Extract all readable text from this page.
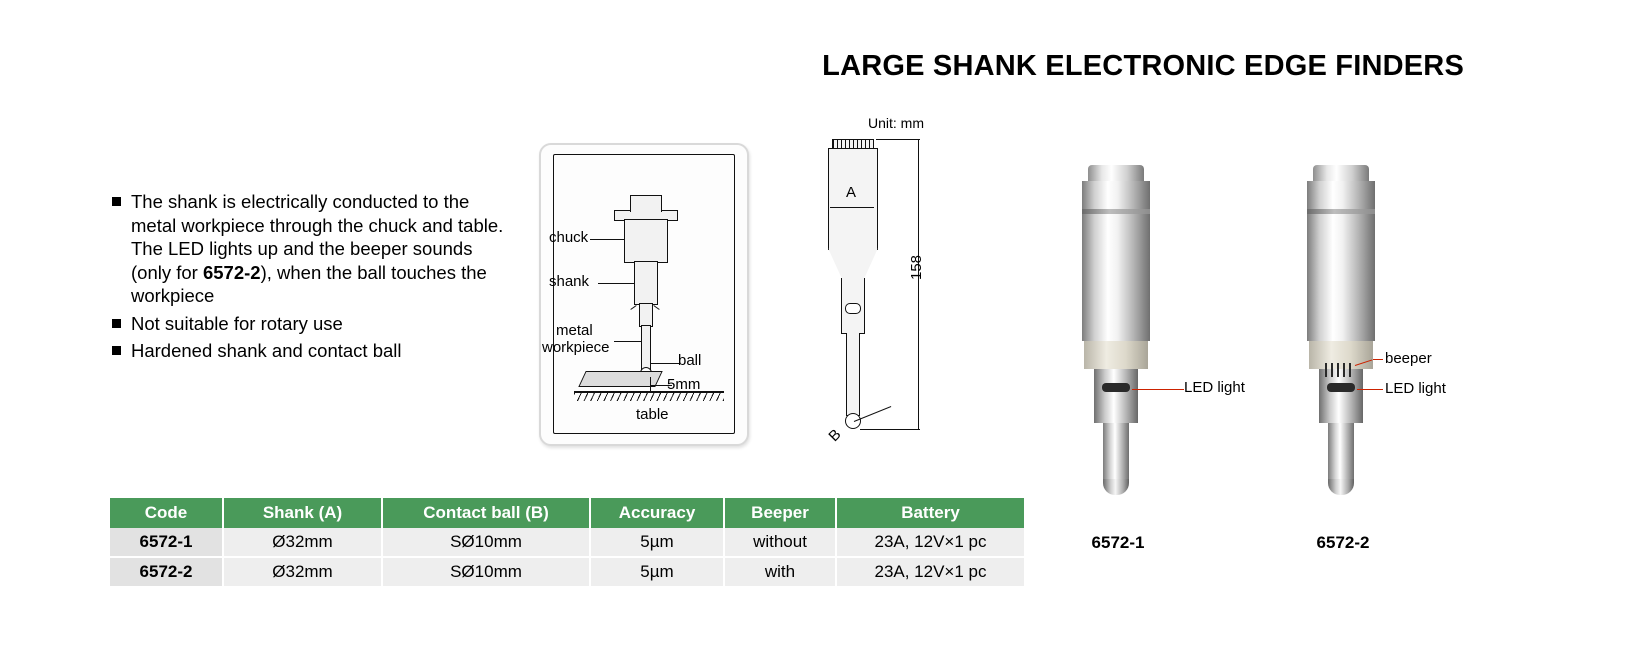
LARGE SHANK ELECTRONIC EDGE FINDERS
The shank is electrically conducted to the metal workpiece through the chuck and table. The LED lights up and the beeper sounds (only for 6572-2), when the ball touches the workpiece
Not suitable for rotary use
Hardened shank and contact ball
chuck
shank
metal
workpiece
ball
5mm
table
Unit: mm
A
158
B
LED light
6572-1
beeper
LED light
6572-2
Code	Shank (A)	Contact ball (B)	Accuracy	Beeper	Battery
6572-1	Ø32mm	SØ10mm	5µm	without	23A, 12V×1 pc
6572-2	Ø32mm	SØ10mm	5µm	with	23A, 12V×1 pc
